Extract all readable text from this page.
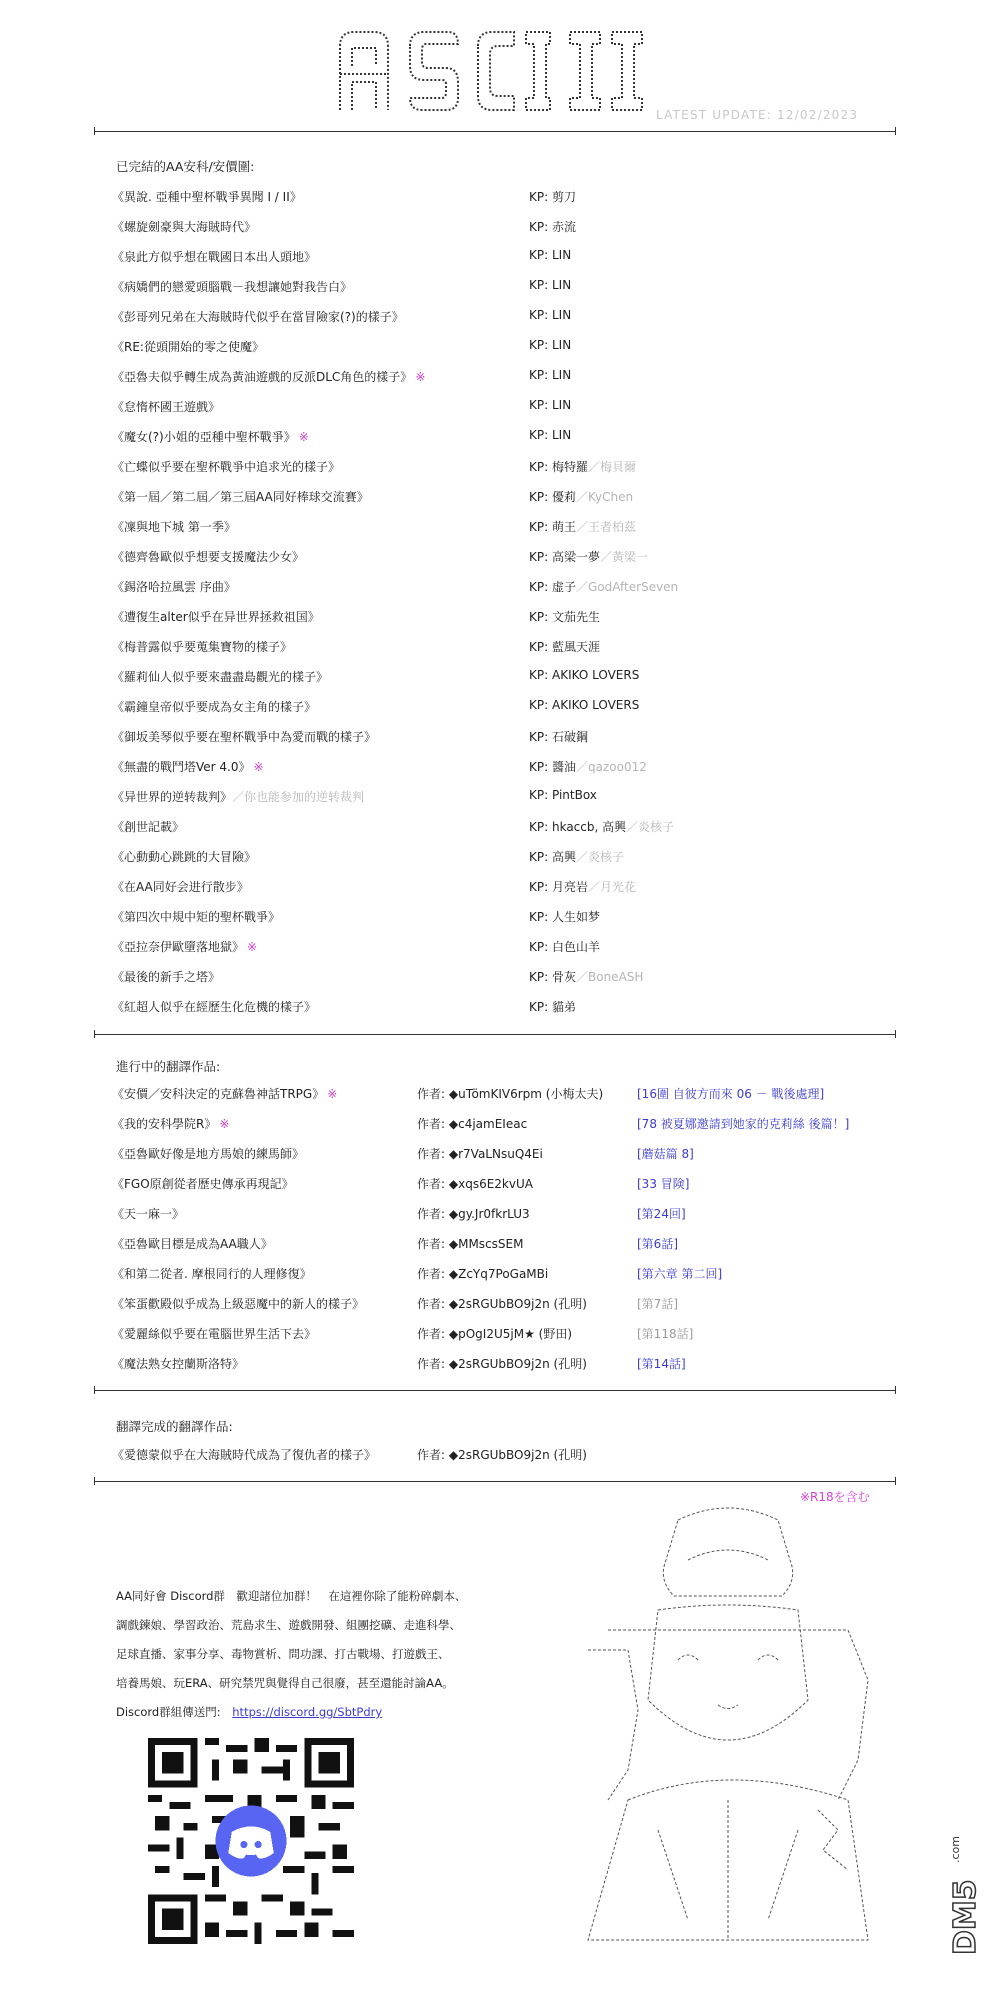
LATEST UPDATE: 12/02/2023
已完結的AA安科/安價圍:
《異說. 亞種中聖杯戰爭異聞 I / II》	KP: 剪刀
《螺旋劍豪與大海賊時代》	KP: 赤流
《泉此方似乎想在戰國日本出人頭地》	KP: LIN
《病嬌們的戀愛頭腦戰－我想讓她對我告白》	KP: LIN
《彭哥列兄弟在大海賊時代似乎在當冒險家(?)的樣子》	KP: LIN
《RE:從頭開始的零之使魔》	KP: LIN
《亞魯夫似乎轉生成為黃油遊戲的反派DLC角色的樣子》 ※	KP: LIN
《怠惰杯國王遊戲》	KP: LIN
《魔女(?)小姐的亞種中聖杯戰爭》 ※	KP: LIN
《亡蝶似乎要在聖杯戰爭中追求光的樣子》	KP: 梅特羅／梅貝爾
《第一屆／第二屆／第三屆AA同好棒球交流賽》	KP: 優莉／KyChen
《凜與地下城 第一季》	KP: 萌王／王者柏茲
《德齊魯歐似乎想要支援魔法少女》	KP: 高梁一夢／黃梁一
《錫洛哈拉風雲 序曲》	KP: 虚子／GodAfterSeven
《遭復生alter似乎在异世界拯救祖国》	KP: 文茄先生
《梅普露似乎要蒐集寶物的樣子》	KP: 藍風天涯
《羅莉仙人似乎要來盡盡島觀光的樣子》	KP: AKIKO LOVERS
《霸鐘皇帝似乎要成為女主角的樣子》	KP: AKIKO LOVERS
《御坂美琴似乎要在聖杯戰爭中為愛而戰的樣子》	KP: 石破鋼
《無盡的戰鬥塔Ver 4.0》 ※	KP: 醬油／qazoo012
《异世界的逆转裁判》／你也能参加的逆转裁判	KP: PintBox
《創世記載》	KP: hkaccb, 高興／炎核子
《心動動心跳跳的大冒險》	KP: 高興／炎核子
《在AA同好会进行散步》	KP: 月亮岩／月光花
《第四次中規中矩的聖杯戰爭》	KP: 人生如梦
《亞拉奈伊歐墮落地獄》 ※	KP: 白色山羊
《最後的新手之塔》	KP: 骨灰／BoneASH
《紅超人似乎在經歷生化危機的樣子》	KP: 貓弟
進行中的翻譯作品:
《安價／安科決定的克蘇魯神話TRPG》 ※	作者: ◆uTömKIV6rpm (小梅太夫)	[16圍 自彼方而來 06 － 戰後處理]
《我的安科學院R》 ※	作者: ◆c4jamEIeac	[78 被夏娜邀請到她家的克莉絲 後篇！]
《亞魯歐好像是地方馬娘的練馬師》	作者: ◆r7VaLNsuQ4Ei	[蘑菇篇 8]
《FGO原創從者歷史傳承再現記》	作者: ◆xqs6E2kvUA	[33 冒険]
《天一麻一》	作者: ◆gy.Jr0fkrLU3	[第24回]
《亞魯歐目標是成為AA職人》	作者: ◆MMscsSEM	[第6話]
《和第二從者. 摩根同行的人理修復》	作者: ◆ZcYq7PoGaMBi	[第六章 第二回]
《笨蛋歡殿似乎成為上級惡魔中的新人的樣子》	作者: ◆2sRGUbBO9j2n (孔明)	[第7話]
《愛麗絲似乎要在電腦世界生活下去》	作者: ◆pOgI2U5jM★ (野田)	[第118話]
《魔法熟女控蘭斯洛特》	作者: ◆2sRGUbBO9j2n (孔明)	[第14話]
翻譯完成的翻譯作品:
《愛德蒙似乎在大海賊時代成為了復仇者的樣子》	作者: ◆2sRGUbBO9j2n (孔明)
※R18を含む
AA同好會 Discord群　歡迎諸位加群！　在這裡你除了能粉碎劇本、
調戲鍊娘、學習政治、荒島求生、遊戲開發、組團挖礦、走進科學、
足球直播、家事分享、毒物賞析、問功課、打古戰場、打遊戲王、
培養馬娘、玩ERA、研究禁咒與覺得自己很廢，甚至還能討論AA。
Discord群組傳送門: https://discord.gg/SbtPdry
DM5
.com
